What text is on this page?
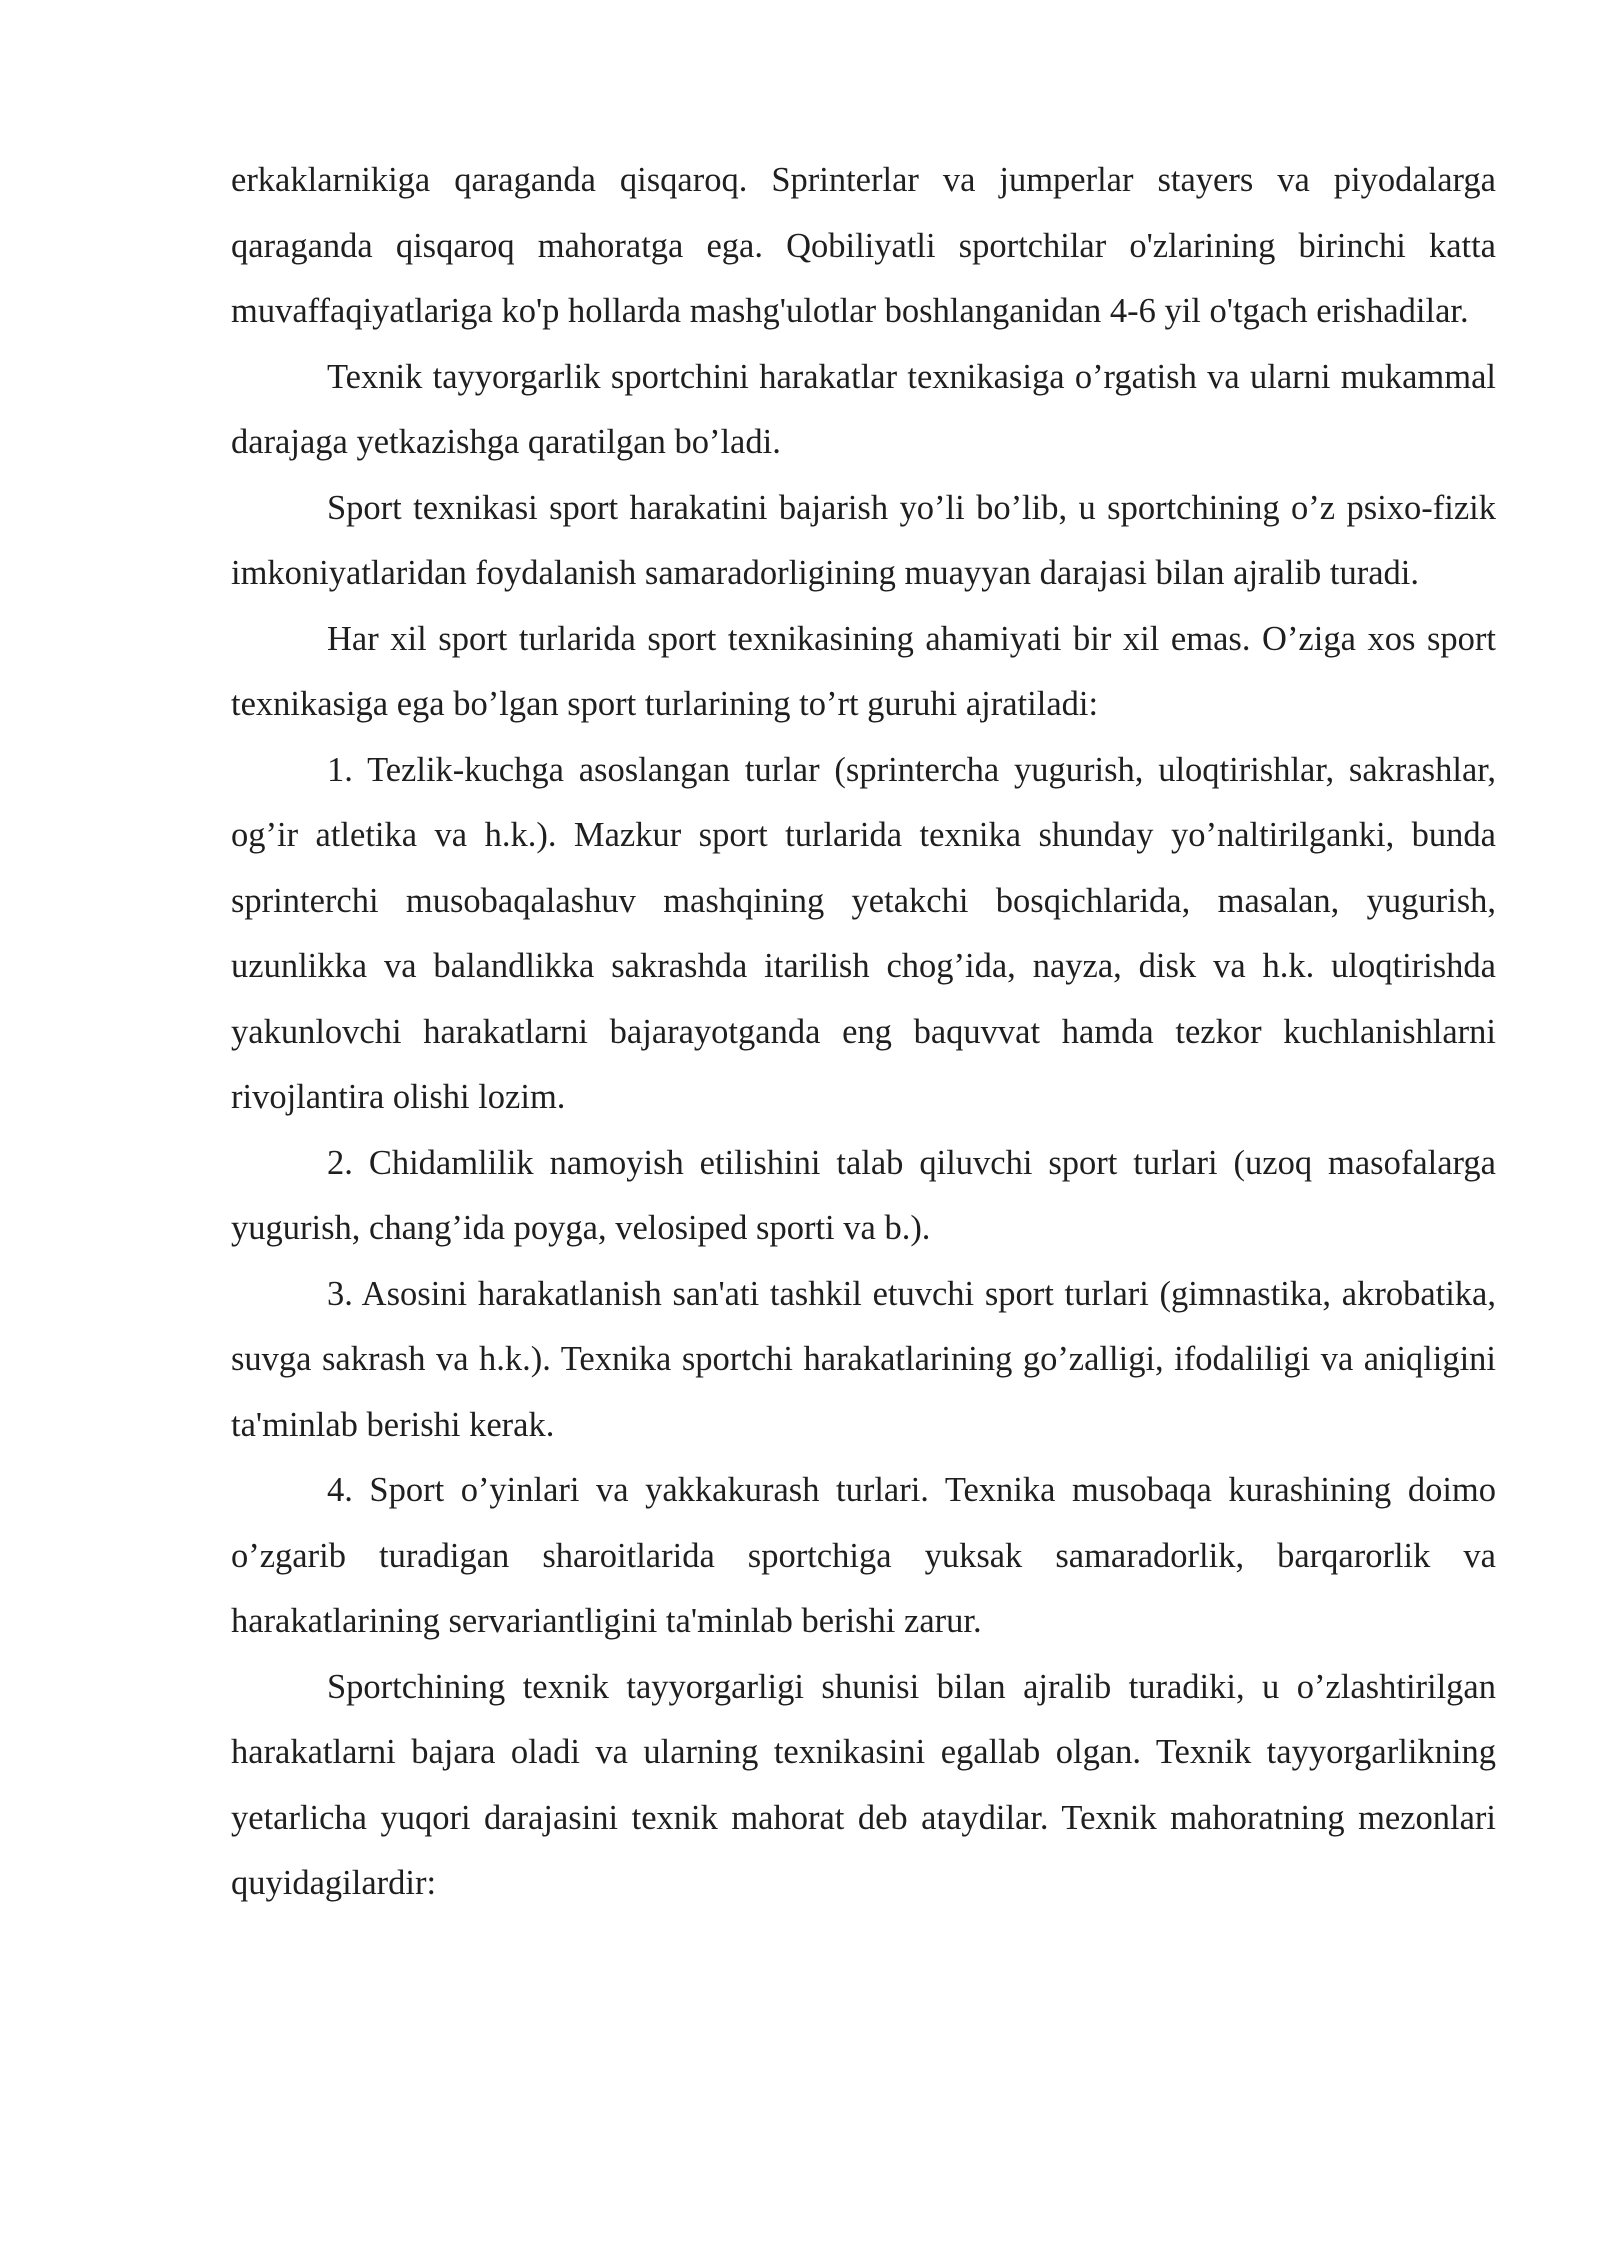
erkaklarnikiga qaraganda qisqaroq. Sprinterlar va jumperlar stayers va piyodalarga qaraganda qisqaroq mahoratga ega. Qobiliyatli sportchilar o'zlarining birinchi katta muvaffaqiyatlariga ko'p hollarda mashg'ulotlar boshlanganidan 4-6 yil o'tgach erishadilar.

Texnik tayyorgarlik sportchini harakatlar texnikasiga o’rgatish va ularni mukammal darajaga yetkazishga qaratilgan bo’ladi.

Sport texnikasi sport harakatini bajarish yo’li bo’lib, u sportchining o’z psixo-fizik imkoniyatlaridan foydalanish samaradorligining muayyan darajasi bilan ajralib turadi.

Har xil sport turlarida sport texnikasining ahamiyati bir xil emas. O’ziga xos sport texnikasiga ega bo’lgan sport turlarining to’rt guruhi ajratiladi:

1. Tezlik-kuchga asoslangan turlar (sprintercha yugurish, uloqtirishlar, sakrashlar, og’ir atletika va h.k.). Mazkur sport turlarida texnika shunday yo’naltirilganki, bunda sprinterchi musobaqalashuv mashqining yetakchi bosqichlarida, masalan, yugurish, uzunlikka va balandlikka sakrashda itarilish chog’ida, nayza, disk va h.k. uloqtirishda yakunlovchi harakatlarni bajarayotganda eng baquvvat hamda tezkor kuchlanishlarni rivojlantira olishi lozim.

2. Chidamlilik namoyish etilishini talab qiluvchi sport turlari (uzoq masofalarga yugurish, chang’ida poyga, velosiped sporti va b.).

3. Asosini harakatlanish san'ati tashkil etuvchi sport turlari (gimnastika, akrobatika, suvga sakrash va h.k.). Texnika sportchi harakatlarining go’zalligi, ifodaliligi va aniqligini ta'minlab berishi kerak.

4. Sport o’yinlari va yakkakurash turlari. Texnika musobaqa kurashining doimo o’zgarib turadigan sharoitlarida sportchiga yuksak samaradorlik, barqarorlik va harakatlarining servariantligini ta'minlab berishi zarur.

Sportchining texnik tayyorgarligi shunisi bilan ajralib turadiki, u o’zlashtirilgan harakatlarni bajara oladi va ularning texnikasini egallab olgan. Texnik tayyorgarlikning yetarlicha yuqori darajasini texnik mahorat deb ataydilar. Texnik mahoratning mezonlari quyidagilardir:
